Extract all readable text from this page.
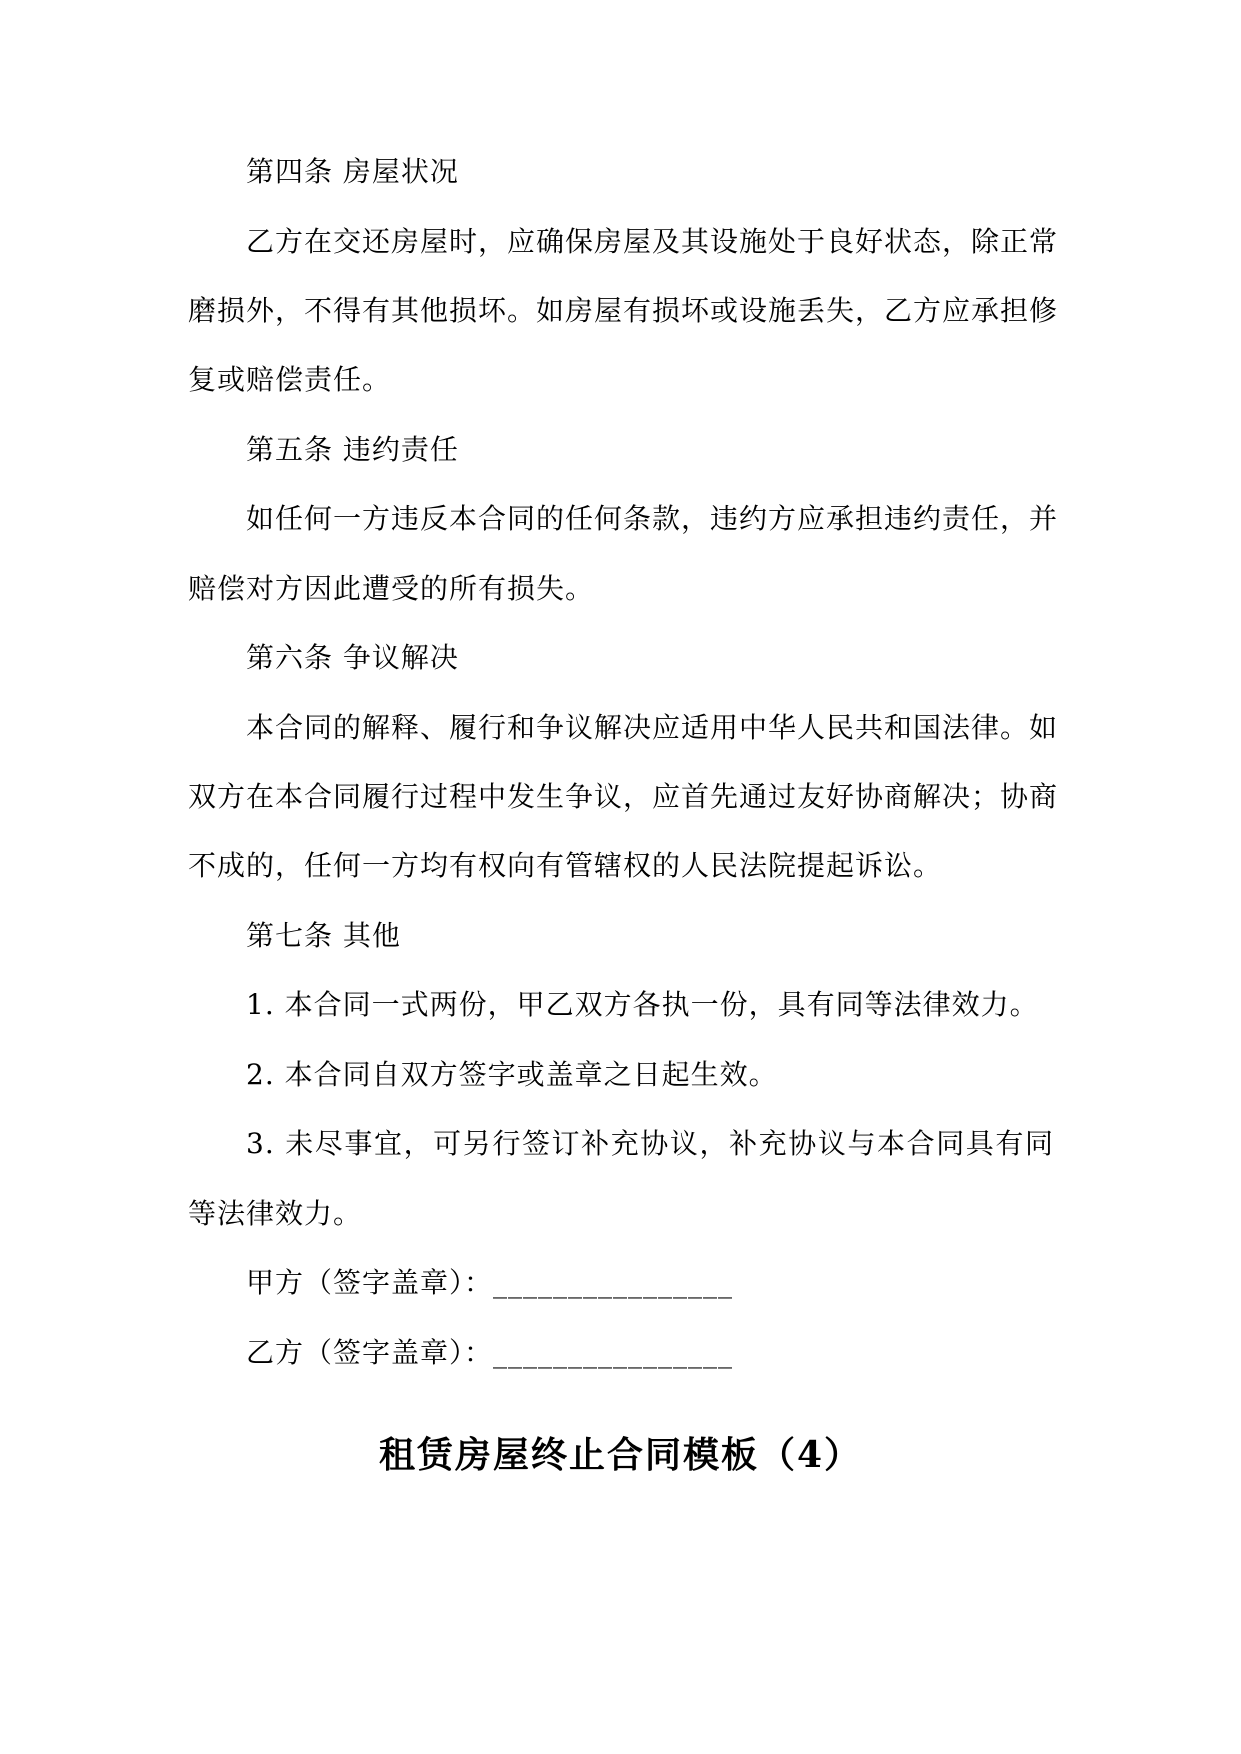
第四条 房屋状况
乙方在交还房屋时，应确保房屋及其设施处于良好状态，除正常
磨损外，不得有其他损坏。如房屋有损坏或设施丢失，乙方应承担修
复或赔偿责任。
第五条 违约责任
如任何一方违反本合同的任何条款，违约方应承担违约责任，并
赔偿对方因此遭受的所有损失。
第六条 争议解决
本合同的解释、履行和争议解决应适用中华人民共和国法律。如
双方在本合同履行过程中发生争议，应首先通过友好协商解决；协商
不成的，任何一方均有权向有管辖权的人民法院提起诉讼。
第七条 其他
1. 本合同一式两份，甲乙双方各执一份，具有同等法律效力。
2. 本合同自双方签字或盖章之日起生效。
3. 未尽事宜，可另行签订补充协议，补充协议与本合同具有同
等法律效力。
甲方（签字盖章）：________________
乙方（签字盖章）：________________
租赁房屋终止合同模板（4）
